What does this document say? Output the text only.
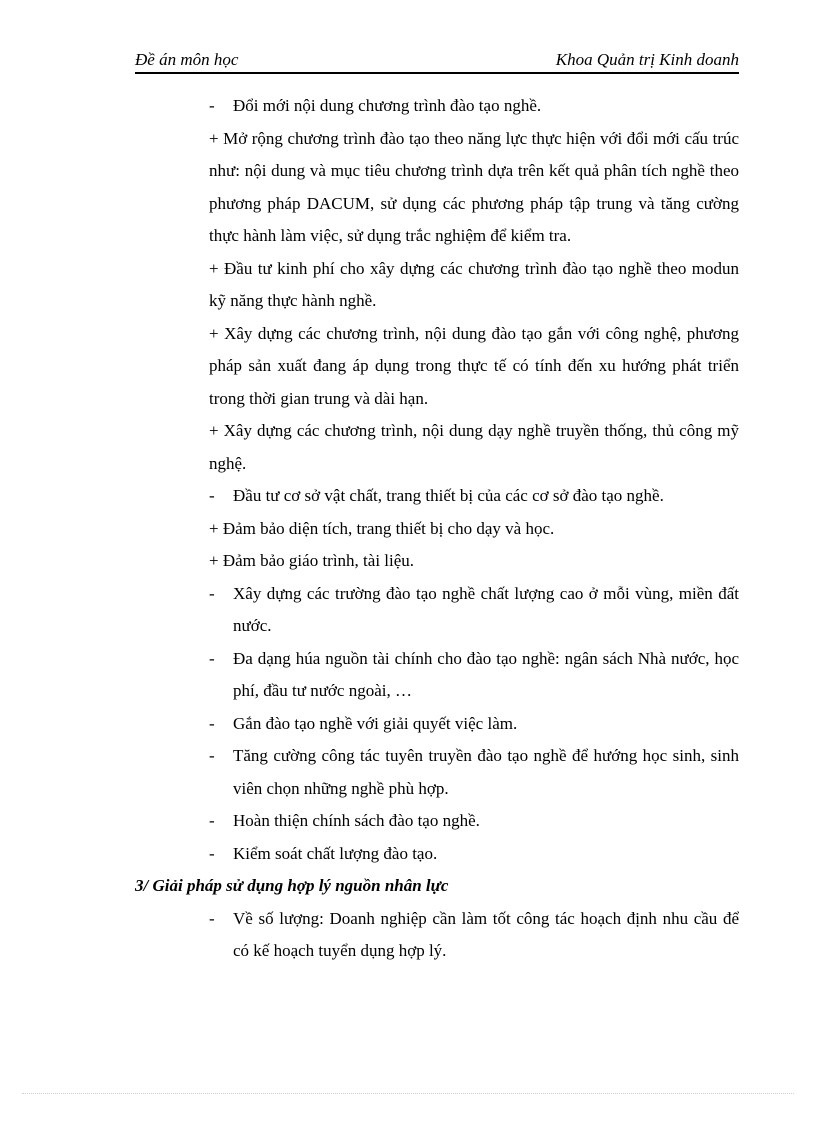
Đề án môn học	Khoa Quản trị Kinh doanh

- Đổi mới nội dung chương trình đào tạo nghề.

+ Mở rộng chương trình đào tạo theo năng lực thực hiện với đổi mới cấu trúc như: nội dung và mục tiêu chương trình dựa trên kết quả phân tích nghề theo phương pháp DACUM, sử dụng các phương pháp tập trung và tăng cường thực hành làm việc, sử dụng trắc nghiệm để kiểm tra.

+ Đầu tư kinh phí cho xây dựng các chương trình đào tạo nghề theo modun kỹ năng thực hành nghề.

+ Xây dựng các chương trình, nội dung đào tạo gắn với công nghệ, phương pháp sản xuất đang áp dụng trong thực tế có tính đến xu hướng phát triển trong thời gian trung và dài hạn.

+ Xây dựng các chương trình, nội dung dạy nghề truyền thống, thủ công mỹ nghệ.

- Đầu tư cơ sở vật chất, trang thiết bị của các cơ sở đào tạo nghề.

+ Đảm bảo diện tích, trang thiết bị cho dạy và học.

+ Đảm bảo giáo trình, tài liệu.

- Xây dựng các trường đào tạo nghề chất lượng cao ở mỗi vùng, miền đất nước.

- Đa dạng húa nguồn tài chính cho đào tạo nghề: ngân sách Nhà nước, học phí, đầu tư nước ngoài, …

- Gắn đào tạo nghề với giải quyết việc làm.

- Tăng cường công tác tuyên truyền đào tạo nghề để hướng học sinh, sinh viên chọn những nghề phù hợp.

- Hoàn thiện chính sách đào tạo nghề.

- Kiểm soát chất lượng đào tạo.

3/ Giải pháp sử dụng hợp lý nguồn nhân lực

- Về số lượng: Doanh nghiệp cần làm tốt công tác hoạch định nhu cầu để có kế hoạch tuyển dụng hợp lý.
